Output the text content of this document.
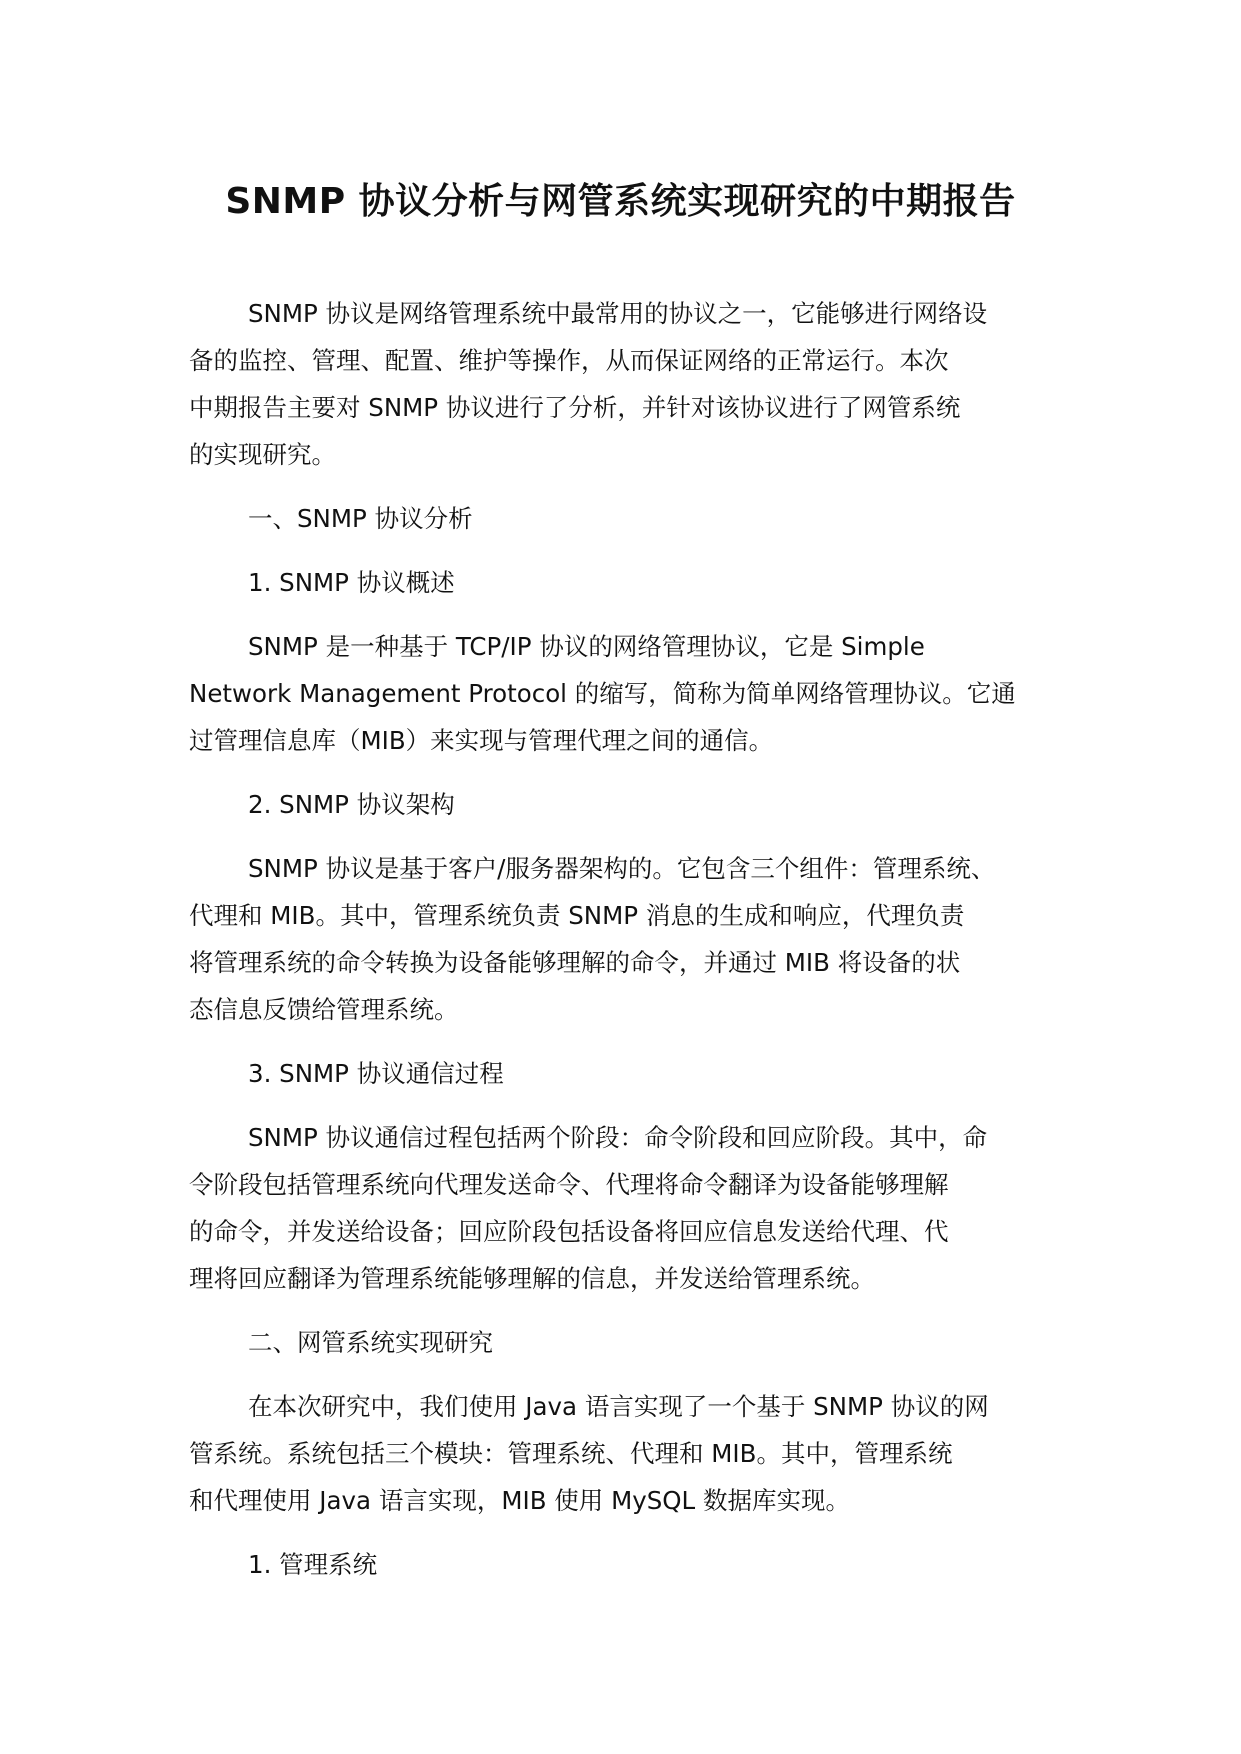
SNMP 协议分析与网管系统实现研究的中期报告
SNMP 协议是网络管理系统中最常用的协议之一，它能够进行网络设
备的监控、管理、配置、维护等操作，从而保证网络的正常运行。本次
中期报告主要对 SNMP 协议进行了分析，并针对该协议进行了网管系统
的实现研究。
一、SNMP 协议分析
1. SNMP 协议概述
SNMP 是一种基于 TCP/IP 协议的网络管理协议，它是 Simple
Network Management Protocol 的缩写，简称为简单网络管理协议。它通
过管理信息库（MIB）来实现与管理代理之间的通信。
2. SNMP 协议架构
SNMP 协议是基于客户/服务器架构的。它包含三个组件：管理系统、
代理和 MIB。其中，管理系统负责 SNMP 消息的生成和响应，代理负责
将管理系统的命令转换为设备能够理解的命令，并通过 MIB 将设备的状
态信息反馈给管理系统。
3. SNMP 协议通信过程
SNMP 协议通信过程包括两个阶段：命令阶段和回应阶段。其中，命
令阶段包括管理系统向代理发送命令、代理将命令翻译为设备能够理解
的命令，并发送给设备；回应阶段包括设备将回应信息发送给代理、代
理将回应翻译为管理系统能够理解的信息，并发送给管理系统。
二、网管系统实现研究
在本次研究中，我们使用 Java 语言实现了一个基于 SNMP 协议的网
管系统。系统包括三个模块：管理系统、代理和 MIB。其中，管理系统
和代理使用 Java 语言实现，MIB 使用 MySQL 数据库实现。
1. 管理系统
